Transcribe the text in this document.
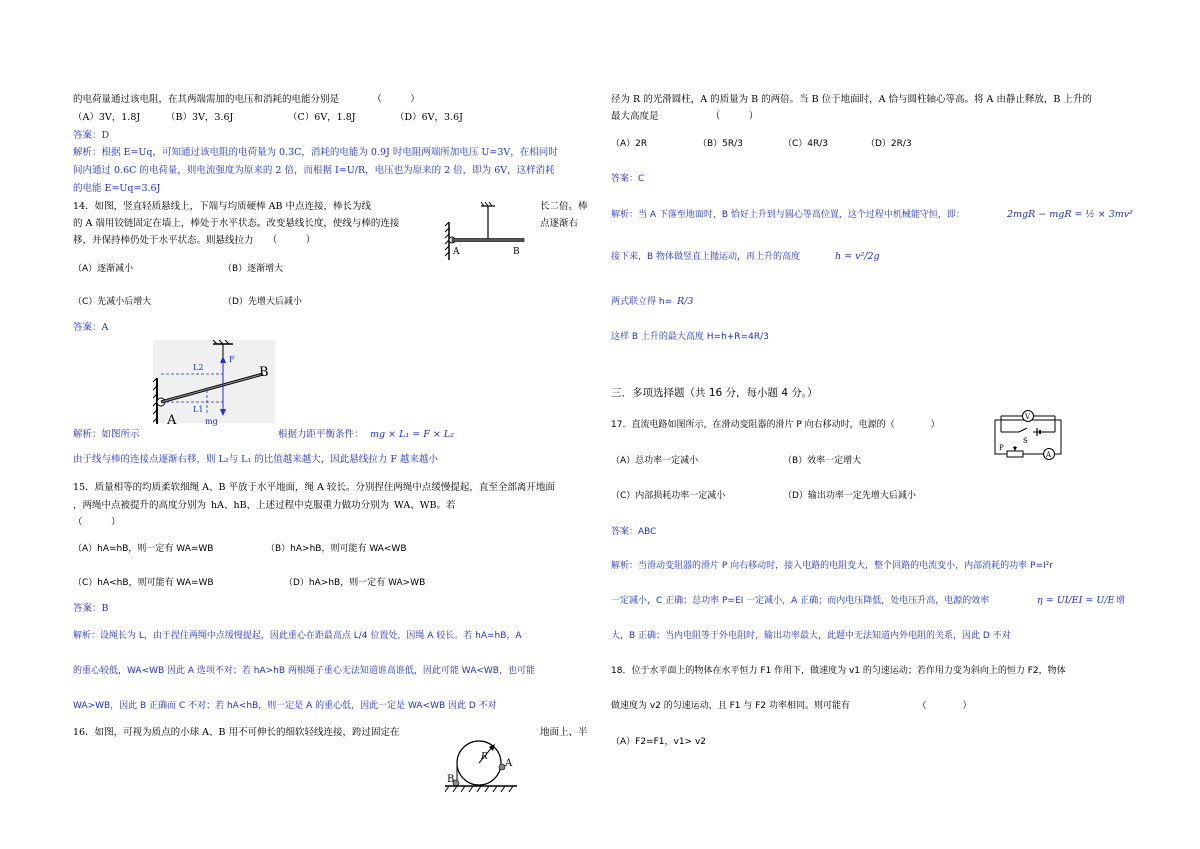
的电荷量通过该电阻，在其两端需加的电压和消耗的电能分别是　　　　（　　　）
（A）3V，1.8J	（B）3V，3.6J	（C）6V，1.8J	（D）6V，3.6J
答案：D
解析：根据 E=Uq，可知通过该电阻的电荷量为 0.3C，消耗的电能为 0.9J 时电阻两端所加电压 U=3V，在相同时
间内通过 0.6C 的电荷量，则电流强度为原来的 2 倍，而根据 I=U/R，电压也为原来的 2 倍，即为 6V，这样消耗
的电能 E=Uq=3.6J
14．如图，竖直轻质悬线上，下端与均质硬棒 AB 中点连接，棒长为线
的 A 端用铰链固定在墙上，棒处于水平状态。改变悬线长度，使线与棒的连接
移，并保持棒仍处于水平状态。则悬线拉力　　（　　　）
长二倍。棒
点逐渐右
A	B
（A）逐渐减小	（B）逐渐增大
（C）先减小后增大	（D）先增大后减小
答案：A
L2
F
B
L1
A	mg
解析：如图所示	根据力距平衡条件： mg × L₁ = F × L₂
由于线与棒的连接点逐渐右移，则 L₂与 L₁ 的比值越来越大，因此悬线拉力 F 越来越小
15．质量相等的均质柔软细绳 A、B 平放于水平地面，绳 A 较长。分别捏住两绳中点缓慢提起，直至全部离开地面
，两绳中点被提升的高度分别为 hA、hB，上述过程中克服重力做功分别为 WA、WB。若
（　　　）
（A）hA=hB，则一定有 WA=WB	（B）hA>hB，则可能有 WA<WB
（C）hA<hB，则可能有 WA=WB	（D）hA>hB，则一定有 WA>WB
答案：B
解析：设绳长为 L，由于捏住两绳中点缓慢提起，因此重心在距最高点 L/4 位置处，因绳 A 较长。若 hA=hB，A
的重心较低，WA<WB 因此 A 选项不对；若 hA>hB 两根绳子重心无法知道谁高谁低，因此可能 WA<WB，也可能
WA>WB，因此 B 正确而 C 不对；若 hA<hB，则一定是 A 的重心低，因此一定是 WA<WB 因此 D 不对
16．如图，可视为质点的小球 A、B 用不可伸长的细软轻线连接，跨过固定在	地面上、半
R
A
B
径为 R 的光滑圆柱，A 的质量为 B 的两倍。当 B 位于地面时，A 恰与圆柱轴心等高。将 A 由静止释放，B 上升的
最大高度是　　　　　　（　　　）
（A）2R	（B）5R/3	（C）4R/3	（D）2R/3
答案：C
解析：当 A 下落至地面时，B 恰好上升到与圆心等高位置，这个过程中机械能守恒，即：	2mgR − mgR = ½ × 3mv²
接下来，B 物体做竖直上抛运动，再上升的高度	h = v²/2g
两式联立得 h= R/3
这样 B 上升的最大高度 H=h+R=4R/3
三．多项选择题（共 16 分，每小题 4 分。）
17．直流电路如图所示，在滑动变阻器的滑片 P 向右移动时，电源的（　　　　）
V
S
P
A
（A）总功率一定减小	（B）效率一定增大
（C）内部损耗功率一定减小	（D）输出功率一定先增大后减小
答案：ABC
解析：当滑动变阻器的滑片 P 向右移动时，接入电路的电阻变大，整个回路的电流变小，内部消耗的功率 P=I²r
一定减小，C 正确；总功率 P=EI 一定减小，A 正确；而内电压降低，处电压升高，电源的效率	η = UI/EI = U/E 增
大，B 正确；当内电阻等于外电阻时，输出功率最大，此题中无法知道内外电阻的关系，因此 D 不对
18．位于水平面上的物体在水平恒力 F1 作用下，做速度为 v1 的匀速运动；若作用力变为斜向上的恒力 F2，物体
做速度为 v2 的匀速运动，且 F1 与 F2 功率相同。则可能有　　　　　　　　（　　　　）
（A）F2=F1，v1> v2
